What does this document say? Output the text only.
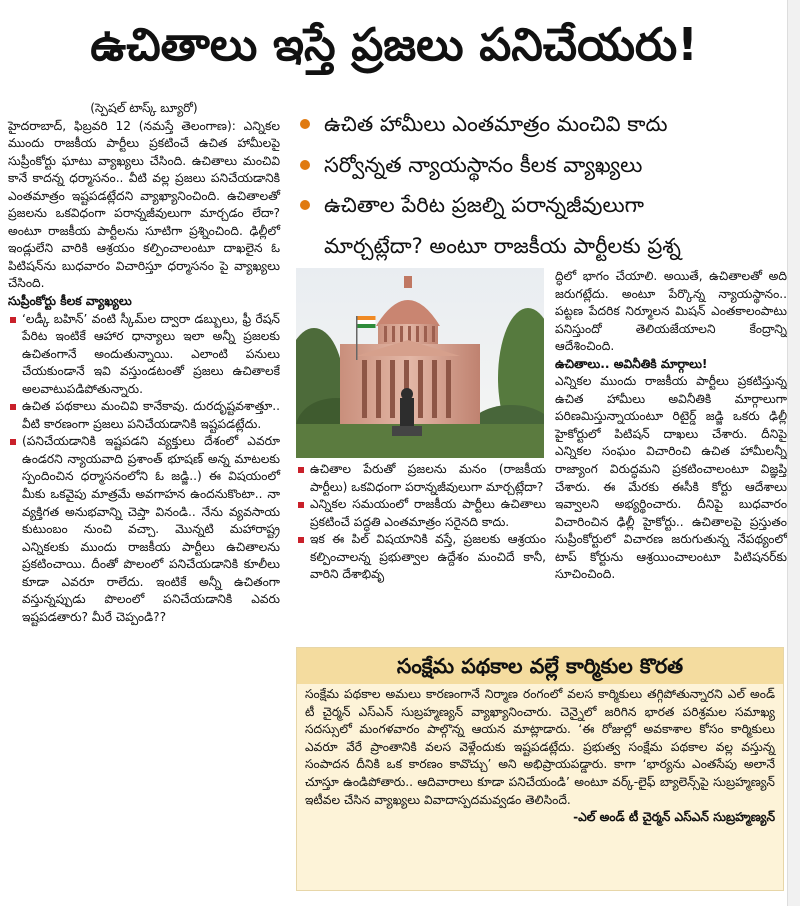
ఉచితాలు ఇస్తే ప్రజలు పనిచేయరు!

(స్పెషల్ టాస్క్ బ్యూరో)

హైదరాబాద్, ఫిబ్రవరి 12 (నమస్తే తెలంగాణ): ఎన్నికల ముందు రాజకీయ పార్టీలు ప్రకటించే ఉచిత హామీలపై సుప్రీంకోర్టు ఘాటు వ్యాఖ్యలు చేసింది. ఉచితాలు మంచివి కానే కాదన్న ధర్మాసనం.. వీటి వల్ల ప్రజలు పనిచేయడానికి ఎంతమాత్రం ఇష్టపడట్లేదని వ్యాఖ్యానించింది. ఉచితాలతో ప్రజలను ఒకవిధంగా పరాన్నజీవులుగా మార్చడం లేదా? అంటూ రాజకీయ పార్టీలను సూటిగా ప్రశ్నించింది. ఢిల్లీలో ఇండ్లులేని వారికి ఆశ్రయం కల్పించాలంటూ దాఖలైన ఓ పిటిషన్‌ను బుధవారం విచారిస్తూ ధర్మాసనం పై వ్యాఖ్యలు చేసింది.

సుప్రీంకోర్టు కీలక వ్యాఖ్యలు

‘లడ్కీ బహిన్’ వంటి స్కీమ్‌ల ద్వారా డబ్బులు, ఫ్రీ రేషన్ పేరిట ఇంటికే ఆహార ధాన్యాలు ఇలా అన్నీ ప్రజలకు ఉచితంగానే అందుతున్నాయి. ఎలాంటి పనులు చేయకుండానే ఇవి వస్తుండటంతో ప్రజలు ఉచితాలకే అలవాటుపడిపోతున్నారు.
ఉచిత పథకాలు మంచివి కానేకావు. దురదృష్టవశాత్తూ.. వీటి కారణంగా ప్రజలు పనిచేయడానికి ఇష్టపడట్లేదు.
(పనిచేయడానికి ఇష్టపడని వ్యక్తులు దేశంలో ఎవరూ ఉండరని న్యాయవాది ప్రశాంత్ భూషణ్ అన్న మాటలకు స్పందించిన ధర్మాసనంలోని ఓ జడ్జి..) ఈ విషయంలో మీకు ఒకవైపు మాత్రమే అవగాహన ఉందనుకొంటా.. నా వ్యక్తిగత అనుభవాన్ని చెప్తా వినండి.. నేను వ్యవసాయ కుటుంబం నుంచి వచ్చా. మొన్నటి మహారాష్ట్ర ఎన్నికలకు ముందు రాజకీయ పార్టీలు ఉచితాలను ప్రకటించాయి. దీంతో పొలంలో పనిచేయడానికి కూలీలు కూడా ఎవరూ రాలేదు. ఇంటికే అన్నీ ఉచితంగా వస్తున్నప్పుడు పొలంలో పనిచేయడానికి ఎవరు ఇష్టపడతారు? మీరే చెప్పండి??
ఉచిత హామీలు ఎంతమాత్రం మంచివి కాదు
సర్వోన్నత న్యాయస్థానం కీలక వ్యాఖ్యలు
ఉచితాల పేరిట ప్రజల్ని పరాన్నజీవులుగా
మార్చట్లేదా? అంటూ రాజకీయ పార్టీలకు ప్రశ్న
ఉచితాల పేరుతో ప్రజలను మనం (రాజకీయ పార్టీలు) ఒకవిధంగా పరాన్నజీవులుగా మార్చట్లేదా?
ఎన్నికల సమయంలో రాజకీయ పార్టీలు ఉచితాలు ప్రకటించే పద్ధతి ఎంతమాత్రం సరైనది కాదు.
ఇక ఈ పిల్ విషయానికి వస్తే, ప్రజలకు ఆశ్రయం కల్పించాలన్న ప్రభుత్వాల ఉద్దేశం మంచిదే కానీ, వారిని దేశాభివృ

ద్ధిలో భాగం చేయాలి. అయితే, ఉచితాలతో అది జరుగట్లేదు. అంటూ పేర్కొన్న న్యాయస్థానం.. పట్టణ పేదరిక నిర్మూలన మిషన్ ఎంతకాలంపాటు పనిస్తుందో తెలియజేయాలని కేంద్రాన్ని ఆదేశించింది.

ఉచితాలు.. అవినీతికి మార్గాలు!

ఎన్నికల ముందు రాజకీయ పార్టీలు ప్రకటిస్తున్న ఉచిత హామీలు అవినీతికి మార్గాలుగా పరిణమిస్తున్నాయంటూ రిటైర్డ్ జడ్జి ఒకరు ఢిల్లీ హైకోర్టులో పిటిషన్ దాఖలు చేశారు. దీనిపై ఎన్నికల సంఘం విచారించి ఉచిత హామీలన్నీ రాజ్యాంగ విరుద్ధమని ప్రకటించాలంటూ విజ్ఞప్తి చేశారు. ఈ మేరకు ఈసీకి కోర్టు ఆదేశాలు ఇవ్వాలని అభ్యర్థించారు. దీనిపై బుధవారం విచారించిన ఢిల్లీ హైకోర్టు.. ఉచితాలపై ప్రస్తుతం సుప్రీంకోర్టులో విచారణ జరుగుతున్న నేపథ్యంలో టాప్ కోర్టును ఆశ్రయించాలంటూ పిటిషనర్‌కు సూచించింది.

సంక్షేమ పథకాల వల్లే కార్మికుల కొరత

సంక్షేమ పథకాల అమలు కారణంగానే నిర్మాణ రంగంలో వలస కార్మికులు తగ్గిపోతున్నారని ఎల్ అండ్ టీ చైర్మన్ ఎస్ఎన్ సుబ్రహ్మణ్యన్ వ్యాఖ్యానించారు. చెన్నైలో జరిగిన భారత పరిశ్రమల సమాఖ్య సదస్సులో మంగళవారం పాల్గొన్న ఆయన మాట్లాడారు. ‘ఈ రోజుల్లో అవకాశాల కోసం కార్మికులు ఎవరూ వేరే ప్రాంతానికి వలస వెళ్లేందుకు ఇష్టపడట్లేదు. ప్రభుత్వ సంక్షేమ పథకాల వల్ల వస్తున్న సంపాదన దీనికి ఒక కారణం కావొచ్చు’ అని అభిప్రాయపడ్డారు. కాగా ‘భార్యను ఎంతసేపు అలానే చూస్తూ ఉండిపోతారు.. ఆదివారాలు కూడా పనిచేయండి’ అంటూ వర్క్-లైఫ్ బ్యాలెన్స్‌పై సుబ్రహ్మణ్యన్ ఇటీవల చేసిన వ్యాఖ్యలు వివాదాస్పదమవ్వడం తెలిసిందే.

-ఎల్ అండ్ టీ చైర్మన్ ఎస్ఎన్ సుబ్రహ్మణ్యన్
